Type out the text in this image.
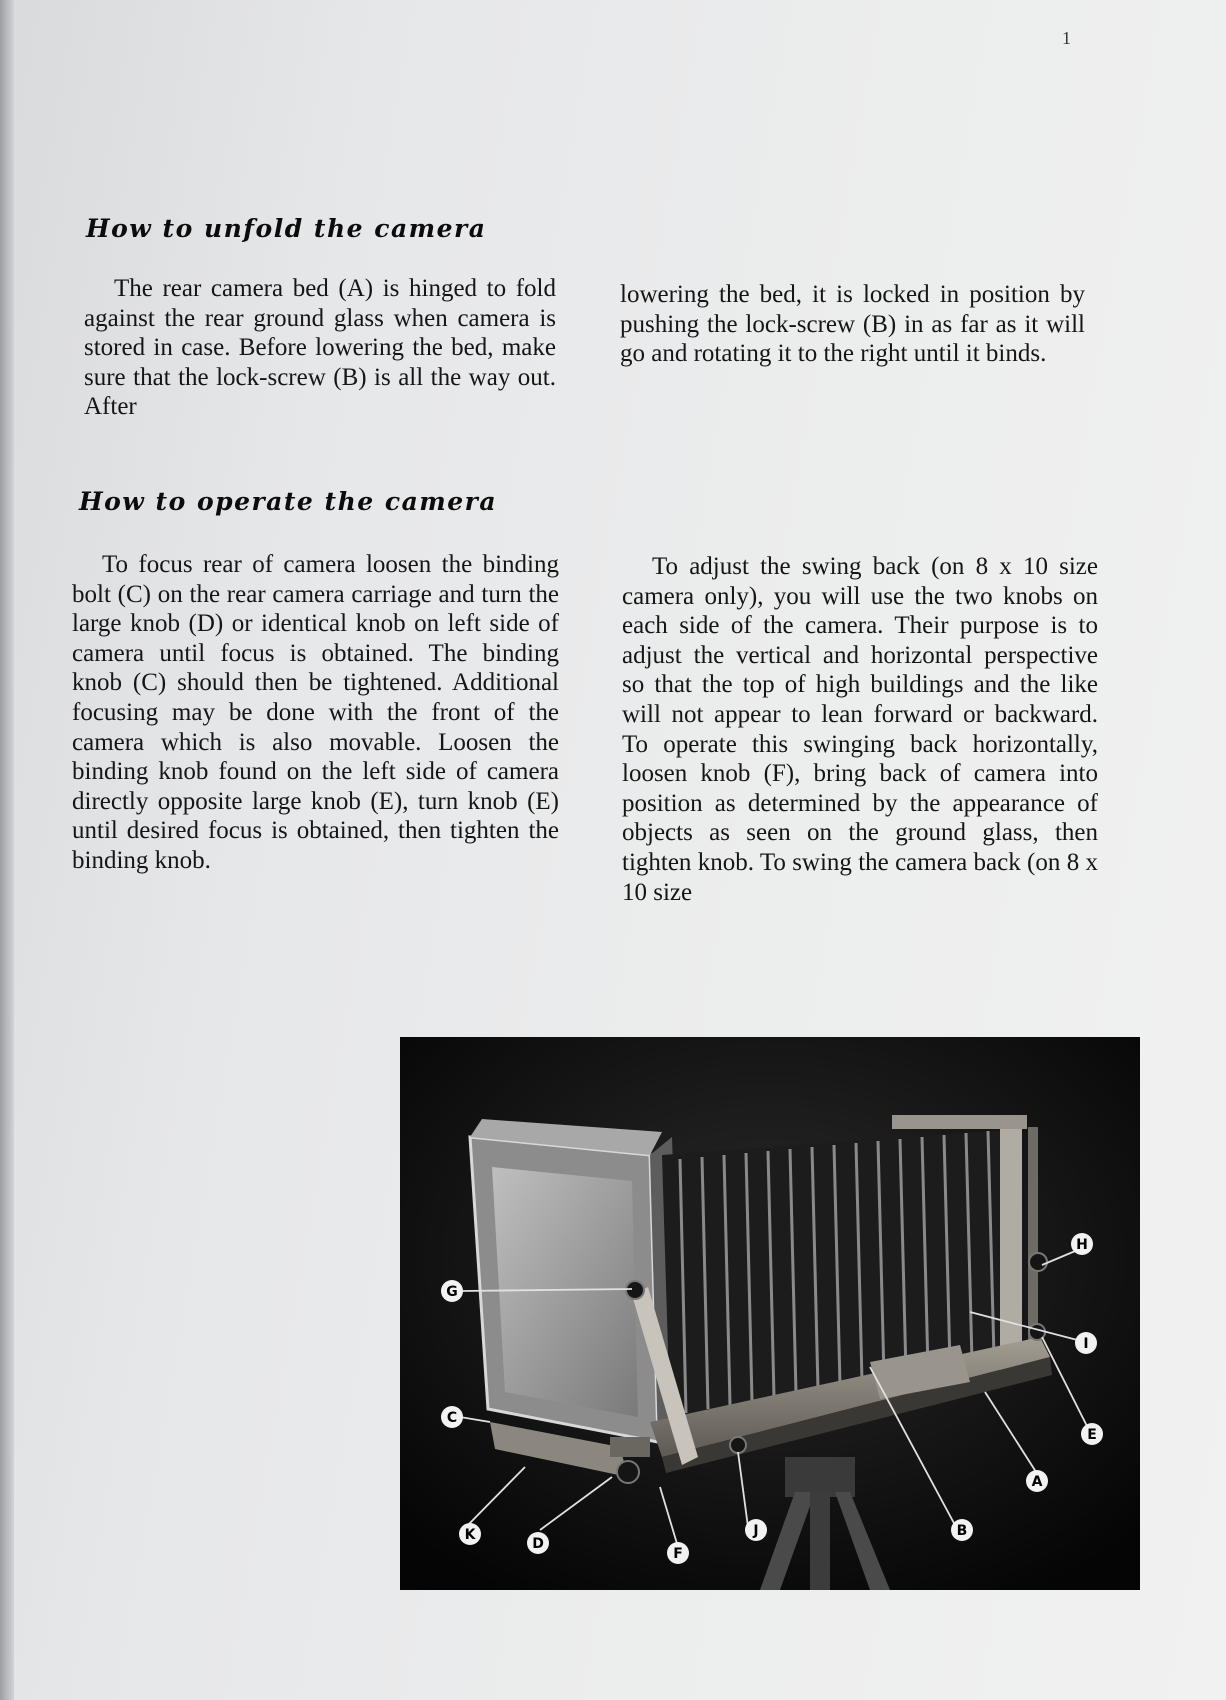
1
How to unfold the camera

The rear camera bed (A) is hinged to fold against the rear ground glass when camera is stored in case. Before lowering the bed, make sure that the lock-screw (B) is all the way out. After

lowering the bed, it is locked in position by pushing the lock-screw (B) in as far as it will go and rotating it to the right until it binds.

How to operate the camera

To focus rear of camera loosen the binding bolt (C) on the rear camera carriage and turn the large knob (D) or identical knob on left side of camera until focus is obtained. The binding knob (C) should then be tightened. Additional focusing may be done with the front of the camera which is also movable. Loosen the binding knob found on the left side of camera directly opposite large knob (E), turn knob (E) until desired focus is obtained, then tighten the binding knob.

To adjust the swing back (on 8 x 10 size camera only), you will use the two knobs on each side of the camera. Their purpose is to adjust the vertical and horizontal perspective so that the top of high buildings and the like will not appear to lean forward or backward. To operate this swinging back horizontally, loosen knob (F), bring back of camera into position as determined by the appearance of objects as seen on the ground glass, then tighten knob. To swing the camera back (on 8 x 10 size

G
C
K
D
F
J	B
A
E
I
H
